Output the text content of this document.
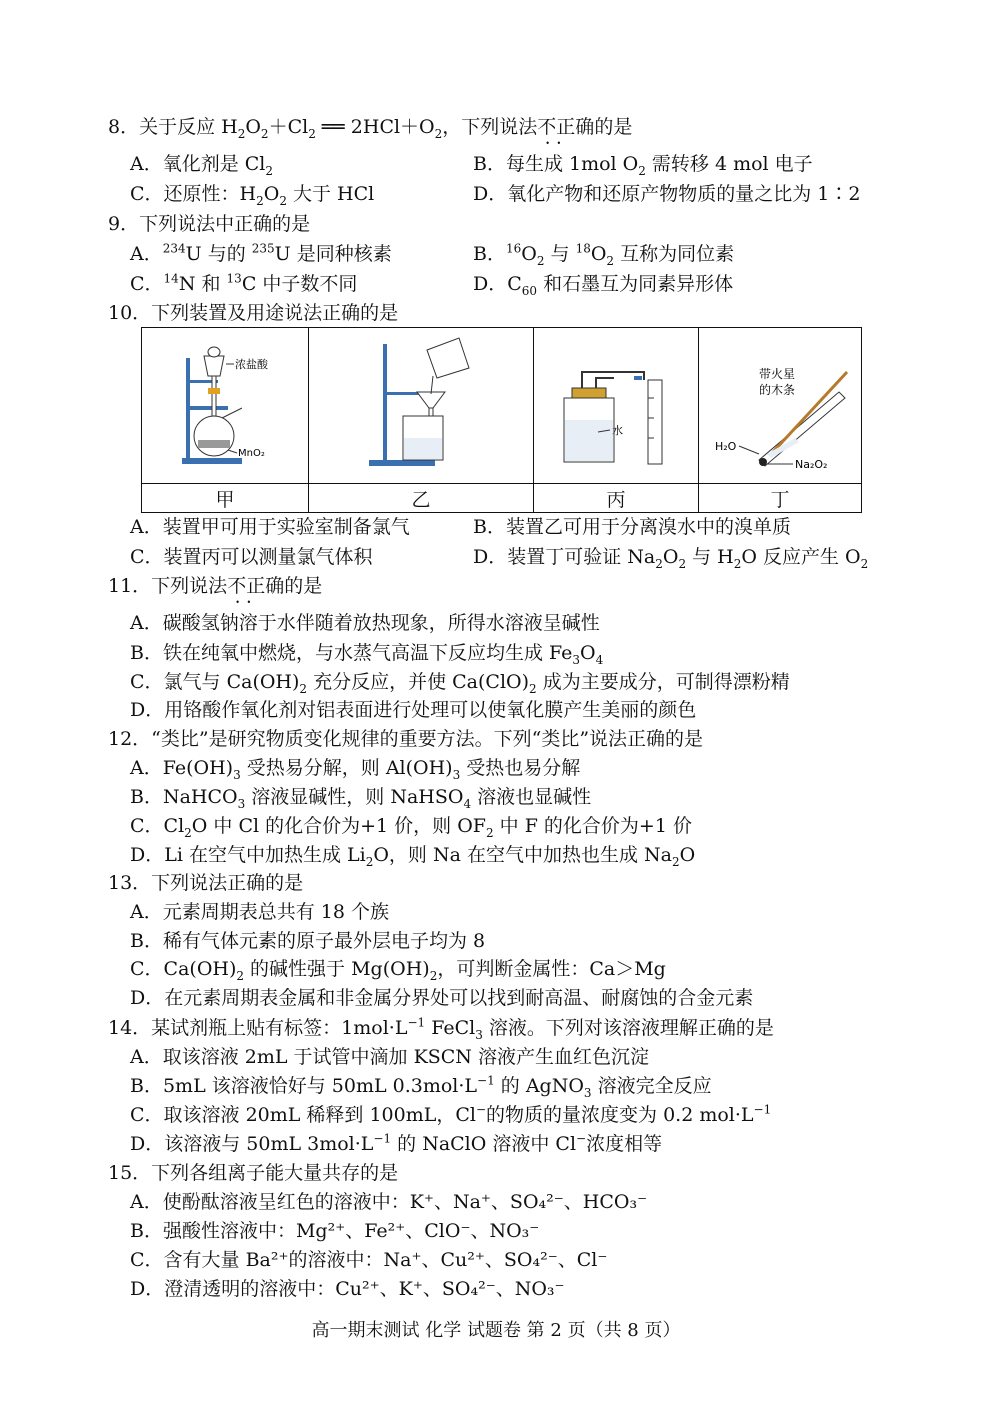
8．关于反应 $H_2O_2+Cl_2$ ══ $2HCl+O_2$，下列说法不正确 • •的是
A．氧化剂是 $Cl_2$	B．每生成 1mol $O_2$ 需转移 4 mol 电子
C．还原性：$H_2O_2$ 大于 HCl	D．氧化产物和还原产物物质的量之比为 1∶2
9．下列说法中正确的是
A．$^{234}$U 与的 $^{235}$U 是同种核素	B．$^{16}O_2$ 与 $^{18}O_2$ 互称为同位素
C．$^{14}$N 和 $^{13}$C 中子数不同	D．$C_{60}$ 和石墨互为同素异形体
10．下列装置及用途说法正确的是
浓盐酸
MnO₂		水	带火星
的木条
H₂O
Na₂O₂

甲	乙	丙	丁
A．装置甲可用于实验室制备氯气	B．装置乙可用于分离溴水中的溴单质
C．装置丙可以测量氯气体积	D．装置丁可验证 $Na_2O_2$ 与 $H_2O$ 反应产生 $O_2$
11．下列说法不正确 • •的是
A．碳酸氢钠溶于水伴随着放热现象，所得水溶液呈碱性
B．铁在纯氧中燃烧，与水蒸气高温下反应均生成 $Fe_3O_4$
C．氯气与 $Ca(OH)_2$ 充分反应，并使 $Ca(ClO)_2$ 成为主要成分，可制得漂粉精
D．用铬酸作氧化剂对铝表面进行处理可以使氧化膜产生美丽的颜色
12．“类比”是研究物质变化规律的重要方法。下列“类比”说法正确的是
A．$Fe(OH)_3$ 受热易分解，则 $Al(OH)_3$ 受热也易分解
B．NaHCO$_3$ 溶液显碱性，则 NaHSO$_4$ 溶液也显碱性
C．$Cl_2O$ 中 Cl 的化合价为+1 价，则 $OF_2$ 中 F 的化合价为+1 价
D．Li 在空气中加热生成 $Li_2O$，则 Na 在空气中加热也生成 $Na_2O$
13．下列说法正确的是
A．元素周期表总共有 18 个族
B．稀有气体元素的原子最外层电子均为 8
C．$Ca(OH)_2$ 的碱性强于 $Mg(OH)_2$，可判断金属性：Ca＞Mg
D．在元素周期表金属和非金属分界处可以找到耐高温、耐腐蚀的合金元素
14．某试剂瓶上贴有标签：$1mol\cdot L^{-1}$ FeCl$_3$ 溶液。下列对该溶液理解正确的是
A．取该溶液 2mL 于试管中滴加 KSCN 溶液产生血红色沉淀
B．5mL 该溶液恰好与 50mL $0.3mol\cdot L^{-1}$ 的 AgNO$_3$ 溶液完全反应
C．取该溶液 20mL 稀释到 100mL，Cl−的物质的量浓度变为 0.2 $mol\cdot L^{-1}$
D．该溶液与 50mL $3mol\cdot L^{-1}$ 的 NaClO 溶液中 Cl−浓度相等
15．下列各组离子能大量共存的是
A．使酚酞溶液呈红色的溶液中：K⁺、Na⁺、SO₄²⁻、HCO₃⁻
B．强酸性溶液中：Mg²⁺、Fe²⁺、ClO⁻、NO₃⁻
C．含有大量 Ba²⁺的溶液中：Na⁺、Cu²⁺、SO₄²⁻、Cl⁻
D．澄清透明的溶液中：Cu²⁺、K⁺、SO₄²⁻、NO₃⁻
高一期末测试 化学 试题卷 第 2 页（共 8 页）
